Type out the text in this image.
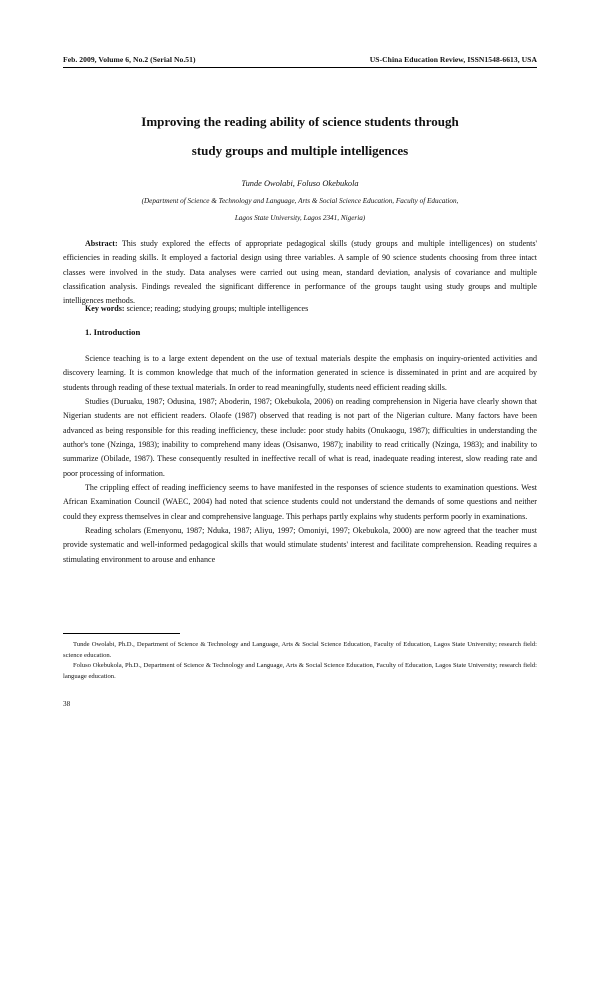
Feb. 2009, Volume 6, No.2 (Serial No.51)	US-China Education Review, ISSN1548-6613, USA
Improving the reading ability of science students through
study groups and multiple intelligences
Tunde Owolabi, Foluso Okebukola
(Department of Science & Technology and Language, Arts & Social Science Education, Faculty of Education,
Lagos State University, Lagos 2341, Nigeria)

Abstract: This study explored the effects of appropriate pedagogical skills (study groups and multiple intelligences) on students' efficiencies in reading skills. It employed a factorial design using three variables. A sample of 90 science students choosing from three intact classes were involved in the study. Data analyses were carried out using mean, standard deviation, analysis of covariance and multiple classification analysis. Findings revealed the significant difference in performance of the groups taught using study groups and multiple intelligences methods.

Key words: science; reading; studying groups; multiple intelligences
1. Introduction

Science teaching is to a large extent dependent on the use of textual materials despite the emphasis on inquiry-oriented activities and discovery learning. It is common knowledge that much of the information generated in science is disseminated in print and are acquired by students through reading of these textual materials. In order to read meaningfully, students need efficient reading skills.

Studies (Duruaku, 1987; Odusina, 1987; Aboderin, 1987; Okebukola, 2006) on reading comprehension in Nigeria have clearly shown that Nigerian students are not efficient readers. Olaofe (1987) observed that reading is not part of the Nigerian culture. Many factors have been advanced as being responsible for this reading inefficiency, these include: poor study habits (Onukaogu, 1987); difficulties in understanding the author's tone (Nzinga, 1983); inability to comprehend many ideas (Osisanwo, 1987); inability to read critically (Nzinga, 1983); and inability to summarize (Obilade, 1987). These consequently resulted in ineffective recall of what is read, inadequate reading interest, slow reading rate and poor processing of information.

The crippling effect of reading inefficiency seems to have manifested in the responses of science students to examination questions. West African Examination Council (WAEC, 2004) had noted that science students could not understand the demands of some questions and neither could they express themselves in clear and comprehensive language. This perhaps partly explains why students perform poorly in examinations.

Reading scholars (Emenyonu, 1987; Nduka, 1987; Aliyu, 1997; Omoniyi, 1997; Okebukola, 2000) are now agreed that the teacher must provide systematic and well-informed pedagogical skills that would stimulate students' interest and facilitate comprehension. Reading requires a stimulating environment to arouse and enhance

Tunde Owolabi, Ph.D., Department of Science & Technology and Language, Arts & Social Science Education, Faculty of Education, Lagos State University; research field: science education.

Foluso Okebukola, Ph.D., Department of Science & Technology and Language, Arts & Social Science Education, Faculty of Education, Lagos State University; research field: language education.

38
